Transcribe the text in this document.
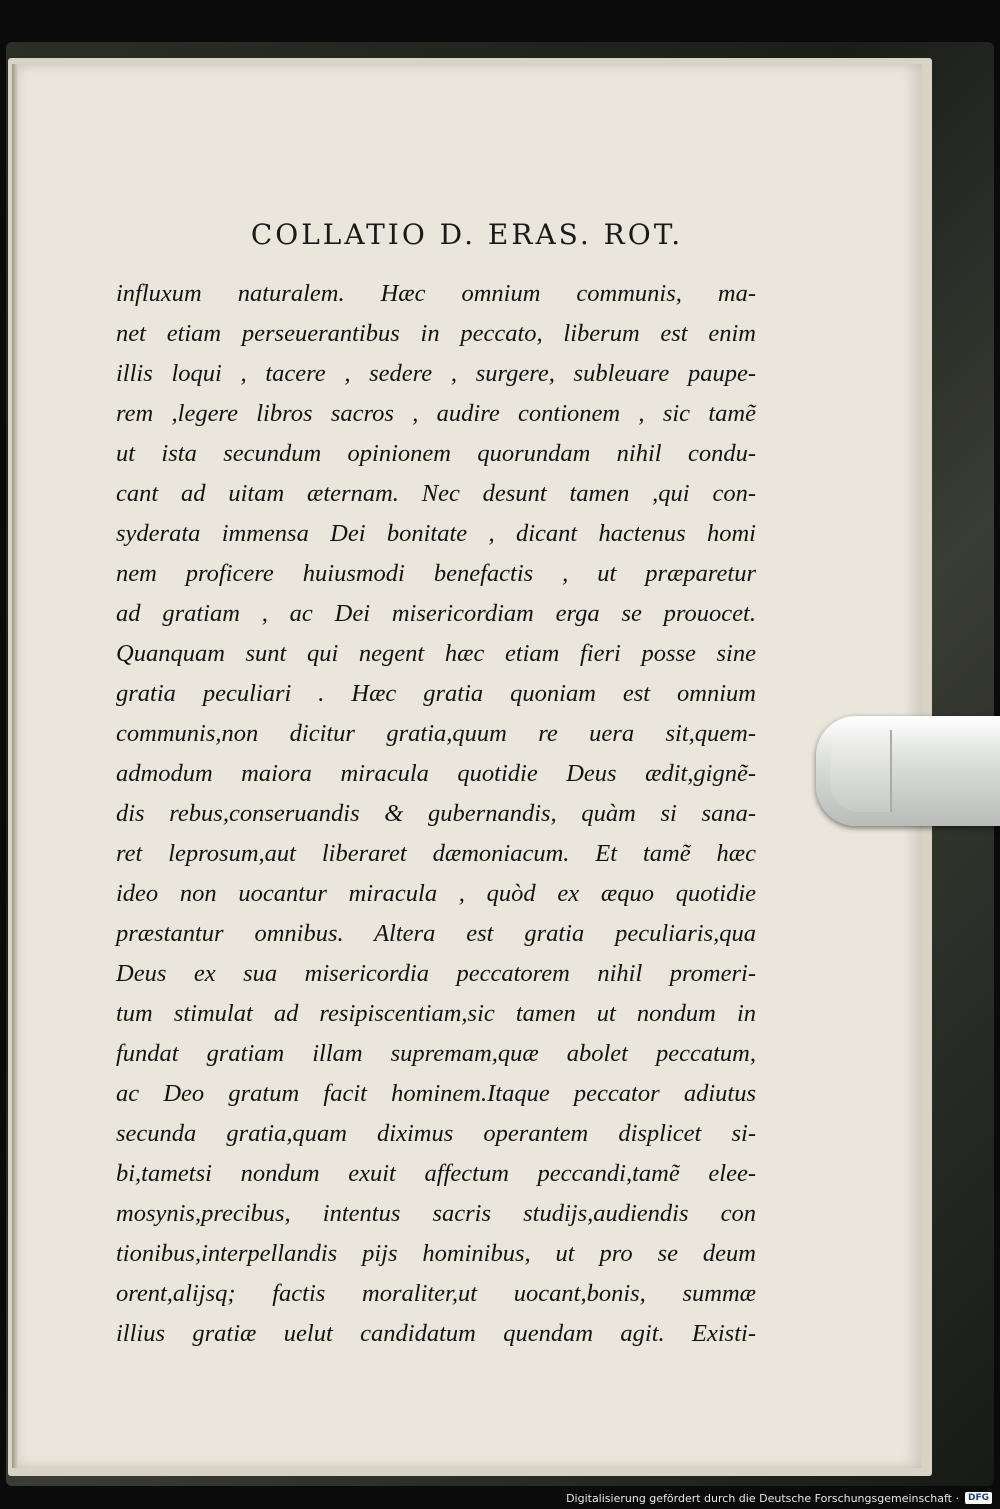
COLLATIO D. ERAS. ROT.
influxum naturalem. Hæc omnium communis, ma-
net etiam perseuerantibus in peccato, liberum est enim
illis loqui , tacere , sedere , surgere, subleuare paupe-
rem ,legere libros sacros , audire contionem , sic tamẽ
ut ista secundum opinionem quorundam nihil condu-
cant ad uitam æternam. Nec desunt tamen ,qui con-
syderata immensa Dei bonitate , dicant hactenus homi
nem proficere huiusmodi benefactis , ut præparetur
ad gratiam , ac Dei misericordiam erga se prouocet.
Quanquam sunt qui negent hæc etiam fieri posse sine
gratia peculiari . Hæc gratia quoniam est omnium
communis,non dicitur gratia,quum re uera sit,quem-
admodum maiora miracula quotidie Deus ædit,gignẽ-
dis rebus,conseruandis & gubernandis, quàm si sana-
ret leprosum,aut liberaret dæmoniacum. Et tamẽ hæc
ideo non uocantur miracula , quòd ex æquo quotidie
præstantur omnibus. Altera est gratia peculiaris,qua
Deus ex sua misericordia peccatorem nihil promeri-
tum stimulat ad resipiscentiam,sic tamen ut nondum in
fundat gratiam illam supremam,quæ abolet peccatum,
ac Deo gratum facit hominem.Itaque peccator adiutus
secunda gratia,quam diximus operantem displicet si-
bi,tametsi nondum exuit affectum peccandi,tamẽ elee-
mosynis,precibus, intentus sacris studijs,audiendis con
tionibus,interpellandis pijs hominibus, ut pro se deum
orent,alijsq; factis moraliter,ut uocant,bonis, summæ
illius gratiæ uelut candidatum quendam agit. Existi-
Digitalisierung gefördert durch die Deutsche Forschungsgemeinschaft ·	DFG
